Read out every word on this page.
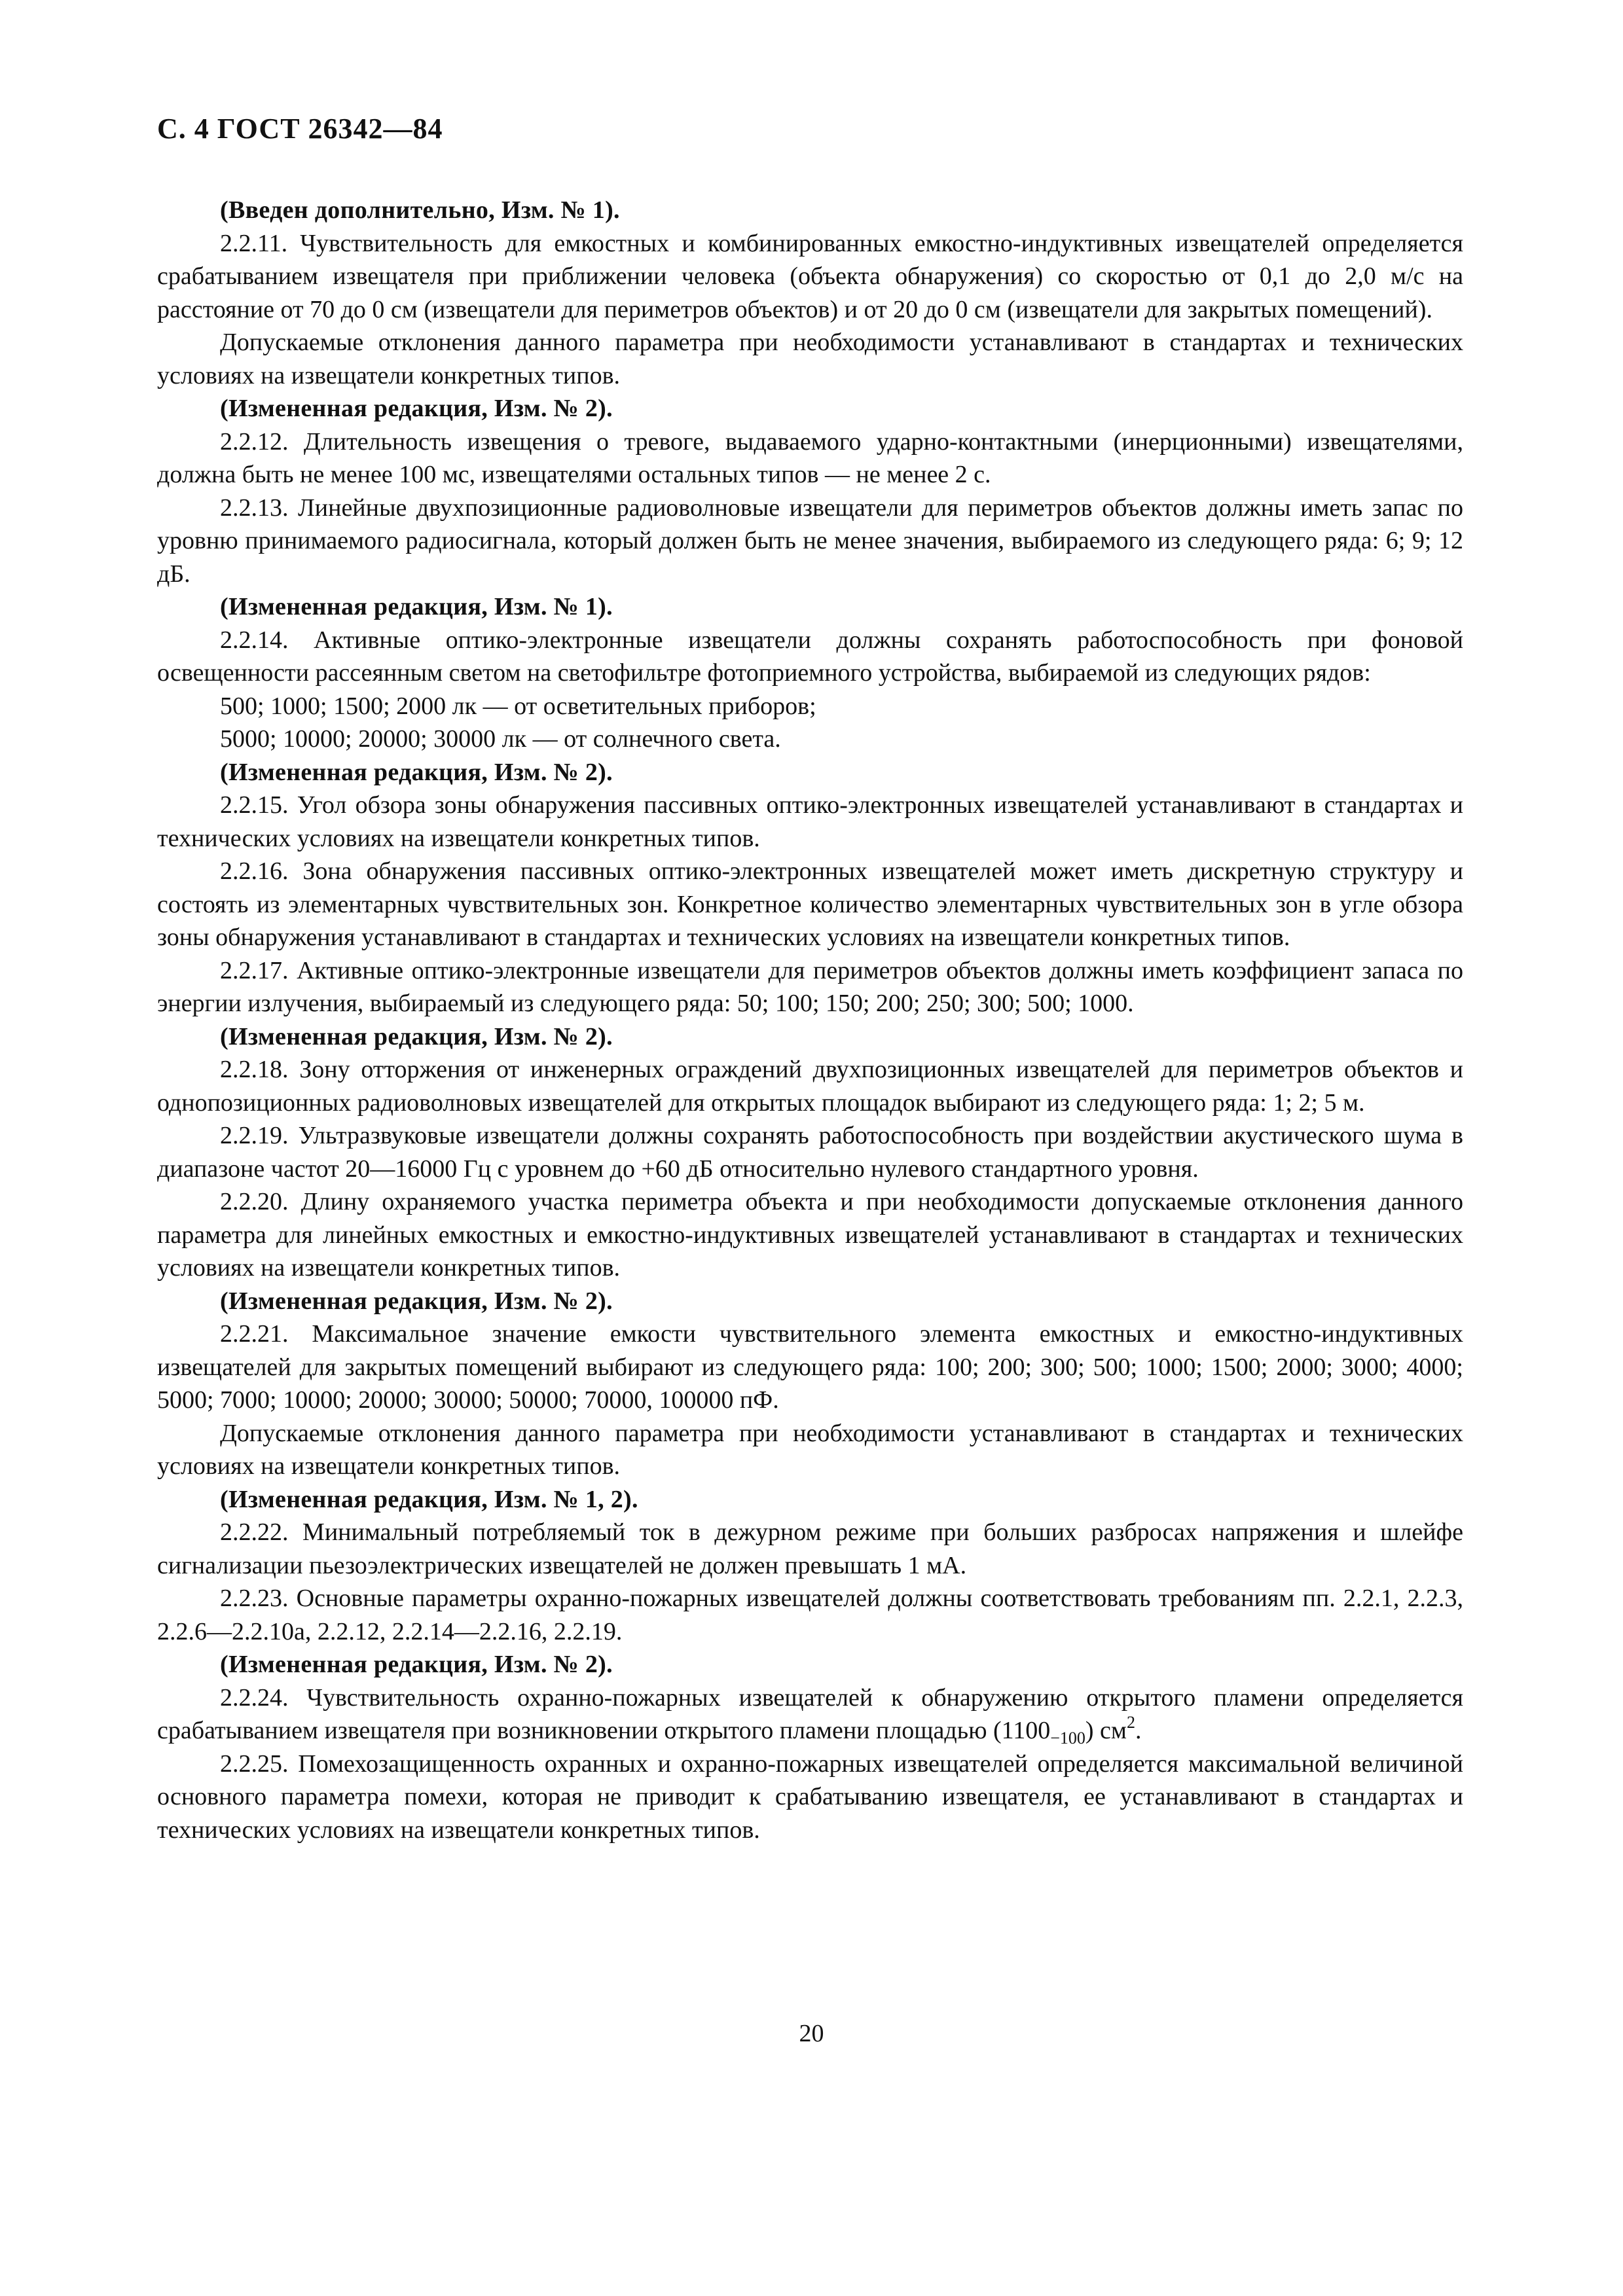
С. 4 ГОСТ 26342—84

(Введен дополнительно, Изм. № 1).

2.2.11. Чувствительность для емкостных и комбинированных емкостно-индуктивных извещателей определяется срабатыванием извещателя при приближении человека (объекта обнаружения) со скоростью от 0,1 до 2,0 м/с на расстояние от 70 до 0 см (извещатели для периметров объектов) и от 20 до 0 см (извещатели для закрытых помещений).

Допускаемые отклонения данного параметра при необходимости устанавливают в стандартах и технических условиях на извещатели конкретных типов.

(Измененная редакция, Изм. № 2).

2.2.12. Длительность извещения о тревоге, выдаваемого ударно-контактными (инерционными) извещателями, должна быть не менее 100 мс, извещателями остальных типов — не менее 2 с.

2.2.13. Линейные двухпозиционные радиоволновые извещатели для периметров объектов должны иметь запас по уровню принимаемого радиосигнала, который должен быть не менее значения, выбираемого из следующего ряда: 6; 9; 12 дБ.

(Измененная редакция, Изм. № 1).

2.2.14. Активные оптико-электронные извещатели должны сохранять работоспособность при фоновой освещенности рассеянным светом на светофильтре фотоприемного устройства, выбираемой из следующих рядов:

500; 1000; 1500; 2000 лк — от осветительных приборов;

5000; 10000; 20000; 30000 лк — от солнечного света.

(Измененная редакция, Изм. № 2).

2.2.15. Угол обзора зоны обнаружения пассивных оптико-электронных извещателей устанавливают в стандартах и технических условиях на извещатели конкретных типов.

2.2.16. Зона обнаружения пассивных оптико-электронных извещателей может иметь дискретную структуру и состоять из элементарных чувствительных зон. Конкретное количество элементарных чувствительных зон в угле обзора зоны обнаружения устанавливают в стандартах и технических условиях на извещатели конкретных типов.

2.2.17. Активные оптико-электронные извещатели для периметров объектов должны иметь коэффициент запаса по энергии излучения, выбираемый из следующего ряда: 50; 100; 150; 200; 250; 300; 500; 1000.

(Измененная редакция, Изм. № 2).

2.2.18. Зону отторжения от инженерных ограждений двухпозиционных извещателей для периметров объектов и однопозиционных радиоволновых извещателей для открытых площадок выбирают из следующего ряда: 1; 2; 5 м.

2.2.19. Ультразвуковые извещатели должны сохранять работоспособность при воздействии акустического шума в диапазоне частот 20—16000 Гц с уровнем до +60 дБ относительно нулевого стандартного уровня.

2.2.20. Длину охраняемого участка периметра объекта и при необходимости допускаемые отклонения данного параметра для линейных емкостных и емкостно-индуктивных извещателей устанавливают в стандартах и технических условиях на извещатели конкретных типов.

(Измененная редакция, Изм. № 2).

2.2.21. Максимальное значение емкости чувствительного элемента емкостных и емкостно-индуктивных извещателей для закрытых помещений выбирают из следующего ряда: 100; 200; 300; 500; 1000; 1500; 2000; 3000; 4000; 5000; 7000; 10000; 20000; 30000; 50000; 70000, 100000 пФ.

Допускаемые отклонения данного параметра при необходимости устанавливают в стандартах и технических условиях на извещатели конкретных типов.

(Измененная редакция, Изм. № 1, 2).

2.2.22. Минимальный потребляемый ток в дежурном режиме при больших разбросах напряжения и шлейфе сигнализации пьезоэлектрических извещателей не должен превышать 1 мА.

2.2.23. Основные параметры охранно-пожарных извещателей должны соответствовать требованиям пп. 2.2.1, 2.2.3, 2.2.6—2.2.10а, 2.2.12, 2.2.14—2.2.16, 2.2.19.

(Измененная редакция, Изм. № 2).

2.2.24. Чувствительность охранно-пожарных извещателей к обнаружению открытого пламени определяется срабатыванием извещателя при возникновении открытого пламени площадью $(1100_{-100})$ $см^2$.

2.2.25. Помехозащищенность охранных и охранно-пожарных извещателей определяется максимальной величиной основного параметра помехи, которая не приводит к срабатыванию извещателя, ее устанавливают в стандартах и технических условиях на извещатели конкретных типов.

20
